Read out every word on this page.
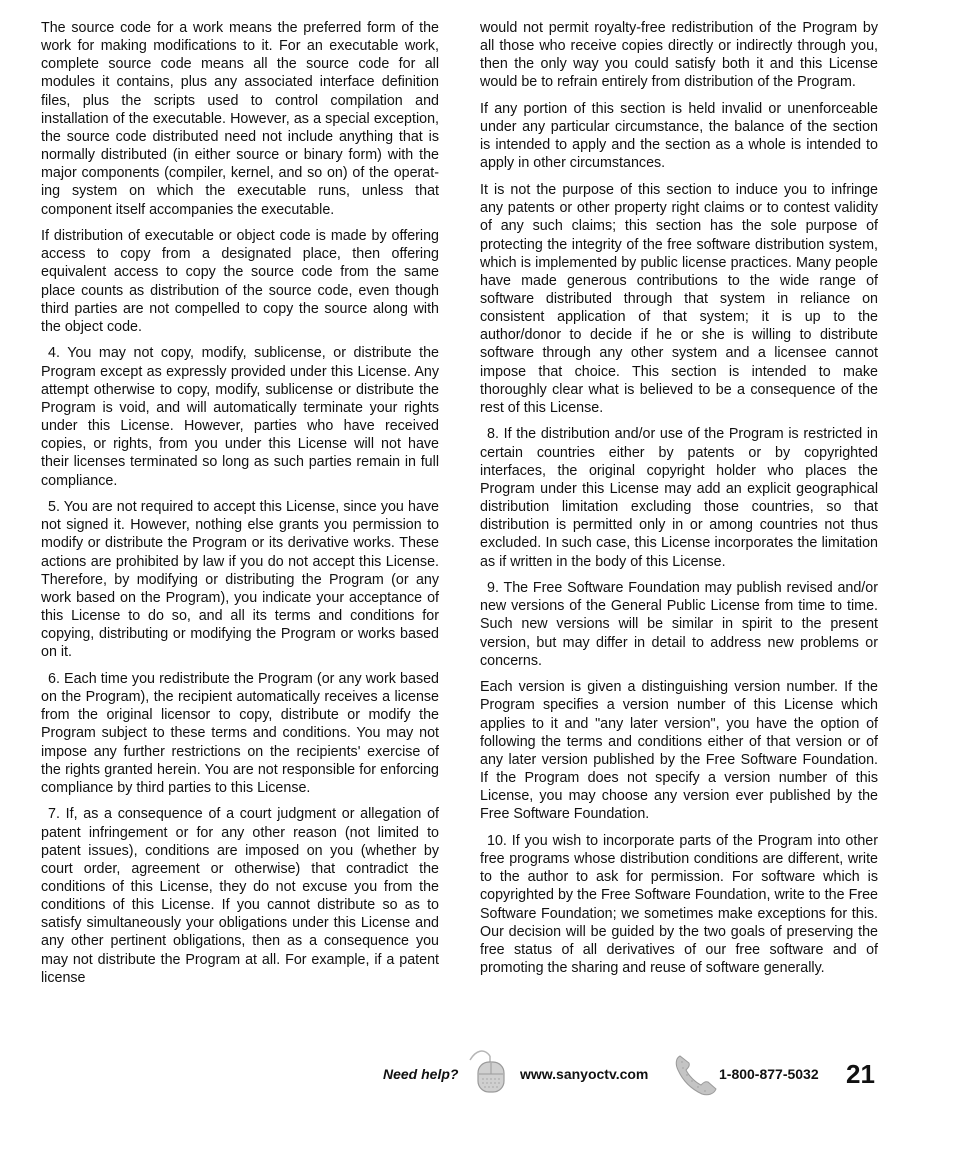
The source code for a work means the preferred form of the work for making modifications to it. For an executable work, complete source code means all the source code for all modules it contains, plus any associated interface definition files, plus the scripts used to control compilation and installation of the executable. However, as a special exception, the source code distributed need not include anything that is normally distributed (in either source or binary form) with the major components (compiler, kernel, and so on) of the operating system on which the executable runs, unless that component itself accompanies the executable.

If distribution of executable or object code is made by offering access to copy from a designated place, then offering equivalent access to copy the source code from the same place counts as distribution of the source code, even though third parties are not compelled to copy the source along with the object code.

4. You may not copy, modify, sublicense, or distribute the Program except as expressly provided under this License. Any attempt otherwise to copy, modify, sublicense or distribute the Program is void, and will automatically terminate your rights under this License. However, parties who have received copies, or rights, from you under this License will not have their licenses terminated so long as such parties remain in full compliance.

5. You are not required to accept this License, since you have not signed it. However, nothing else grants you permission to modify or distribute the Program or its derivative works. These actions are prohibited by law if you do not accept this License. Therefore, by modifying or distributing the Program (or any work based on the Program), you indicate your acceptance of this License to do so, and all its terms and conditions for copying, distributing or modifying the Program or works based on it.

6. Each time you redistribute the Program (or any work based on the Program), the recipient automatically receives a license from the original licensor to copy, distribute or modify the Program subject to these terms and conditions. You may not impose any further restrictions on the recipients' exercise of the rights granted herein. You are not responsible for enforcing compliance by third parties to this License.

7. If, as a consequence of a court judgment or allegation of patent infringement or for any other reason (not limited to patent issues), conditions are imposed on you (whether by court order, agreement or otherwise) that contradict the conditions of this License, they do not excuse you from the conditions of this License. If you cannot distribute so as to satisfy simultaneously your obligations under this License and any other pertinent obligations, then as a consequence you may not distribute the Program at all. For example, if a patent license

would not permit royalty-free redistribution of the Program by all those who receive copies directly or indirectly through you, then the only way you could satisfy both it and this License would be to refrain entirely from distribution of the Program.

If any portion of this section is held invalid or unenforceable under any particular circumstance, the balance of the section is intended to apply and the section as a whole is intended to apply in other circumstances.

It is not the purpose of this section to induce you to infringe any patents or other property right claims or to contest validity of any such claims; this section has the sole purpose of protecting the integrity of the free software distribution system, which is implemented by public license practices. Many people have made generous contributions to the wide range of software distributed through that system in reliance on consistent application of that system; it is up to the author/donor to decide if he or she is willing to distribute software through any other system and a licensee cannot impose that choice. This section is intended to make thoroughly clear what is believed to be a consequence of the rest of this License.

8. If the distribution and/or use of the Program is restricted in certain countries either by patents or by copyrighted interfaces, the original copyright holder who places the Program under this License may add an explicit geographical distribution limitation excluding those countries, so that distribution is permitted only in or among countries not thus excluded. In such case, this License incorporates the limitation as if written in the body of this License.

9. The Free Software Foundation may publish revised and/or new versions of the General Public License from time to time. Such new versions will be similar in spirit to the present version, but may differ in detail to address new problems or concerns.

Each version is given a distinguishing version number. If the Program specifies a version number of this License which applies to it and "any later version", you have the option of following the terms and conditions either of that version or of any later version published by the Free Software Foundation. If the Program does not specify a version number of this License, you may choose any version ever published by the Free Software Foundation.

10. If you wish to incorporate parts of the Program into other free programs whose distribution conditions are different, write to the author to ask for permission. For software which is copyrighted by the Free Software Foundation, write to the Free Software Foundation; we sometimes make exceptions for this. Our decision will be guided by the two goals of preserving the free status of all derivatives of our free software and of promoting the sharing and reuse of software generally.

Need help?	www.sanyoctv.com	1-800-877-5032 21
